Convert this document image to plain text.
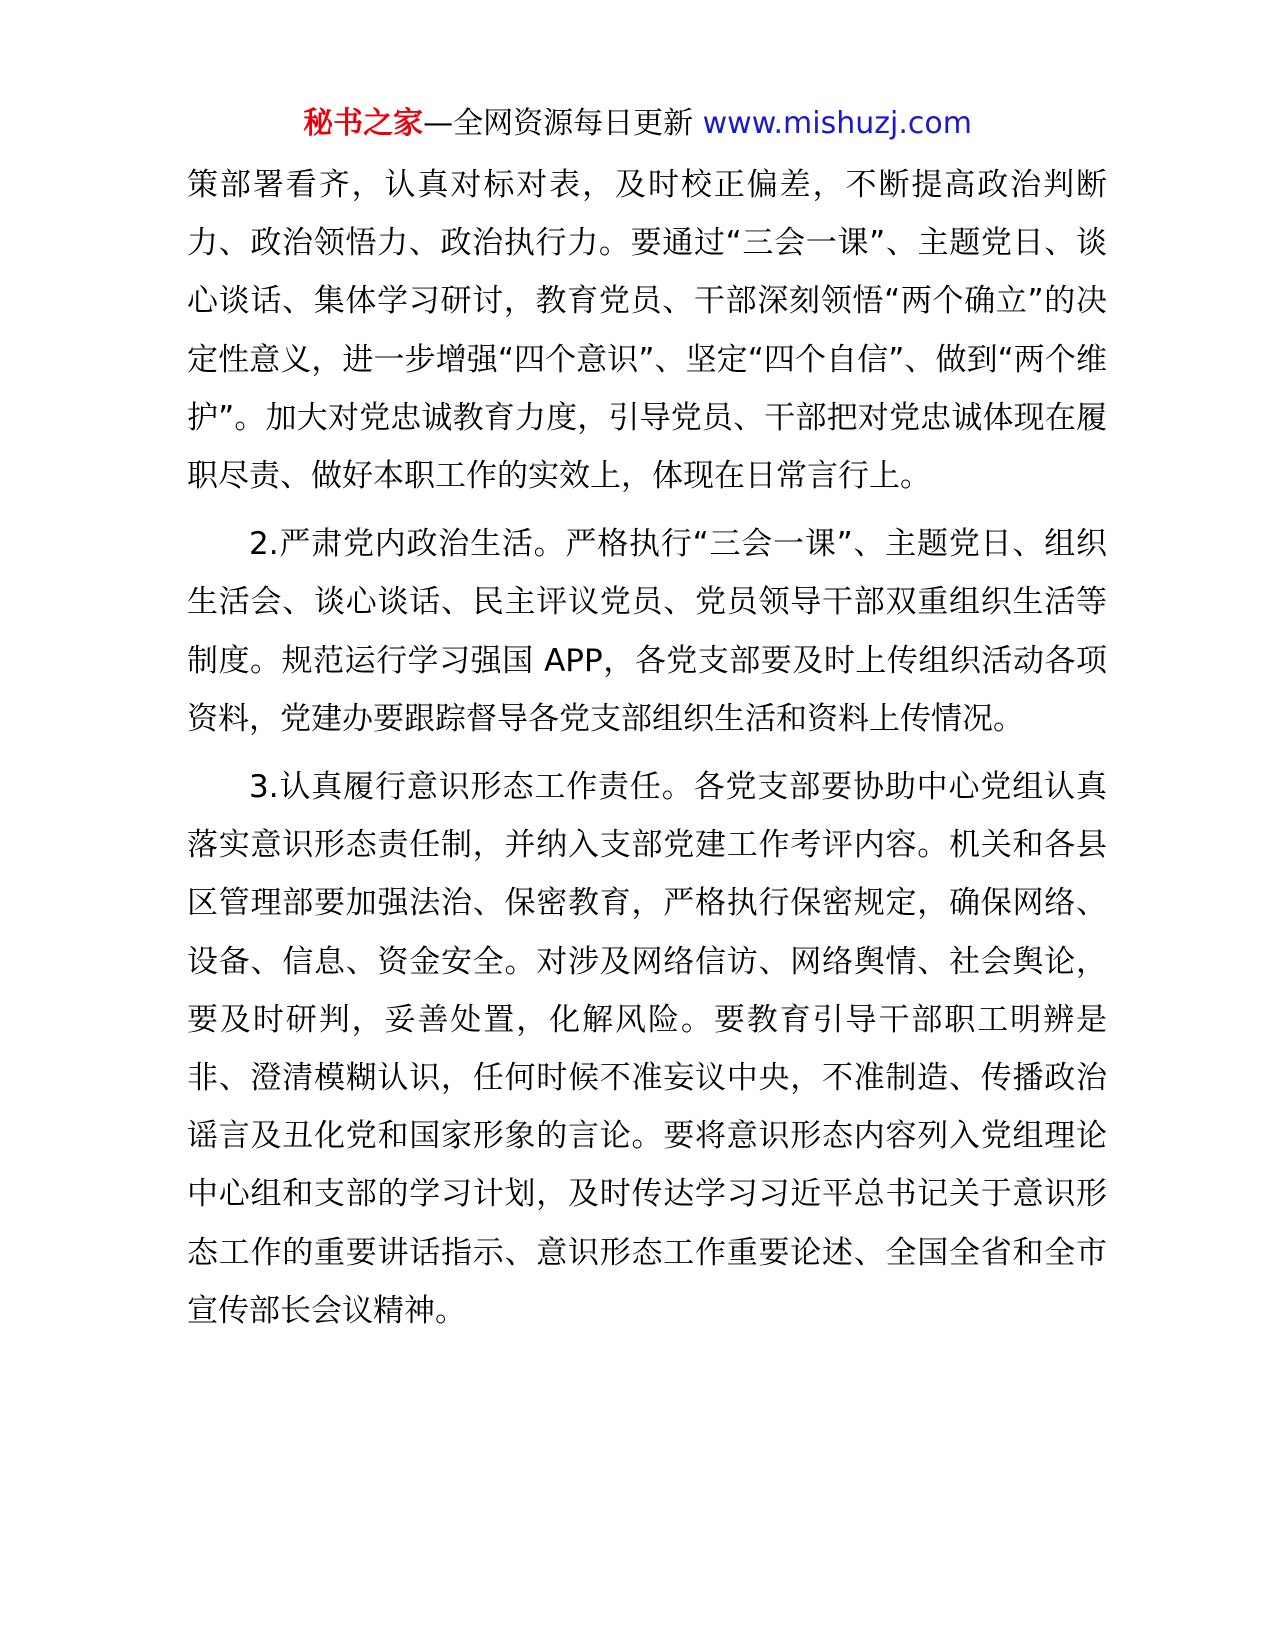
秘书之家—全网资源每日更新 www.mishuzj.com

策部署看齐，认真对标对表，及时校正偏差，不断提高政治判断力、政治领悟力、政治执行力。要通过“三会一课”、主题党日、谈心谈话、集体学习研讨，教育党员、干部深刻领悟“两个确立”的决定性意义，进一步增强“四个意识”、坚定“四个自信”、做到“两个维护”。加大对党忠诚教育力度，引导党员、干部把对党忠诚体现在履职尽责、做好本职工作的实效上，体现在日常言行上。

2.严肃党内政治生活。严格执行“三会一课”、主题党日、组织生活会、谈心谈话、民主评议党员、党员领导干部双重组织生活等制度。规范运行学习强国 APP，各党支部要及时上传组织活动各项资料，党建办要跟踪督导各党支部组织生活和资料上传情况。

3.认真履行意识形态工作责任。各党支部要协助中心党组认真落实意识形态责任制，并纳入支部党建工作考评内容。机关和各县区管理部要加强法治、保密教育，严格执行保密规定，确保网络、设备、信息、资金安全。对涉及网络信访、网络舆情、社会舆论，要及时研判，妥善处置，化解风险。要教育引导干部职工明辨是非、澄清模糊认识，任何时候不准妄议中央，不准制造、传播政治谣言及丑化党和国家形象的言论。要将意识形态内容列入党组理论中心组和支部的学习计划，及时传达学习习近平总书记关于意识形态工作的重要讲话指示、意识形态工作重要论述、全国全省和全市宣传部长会议精神。
